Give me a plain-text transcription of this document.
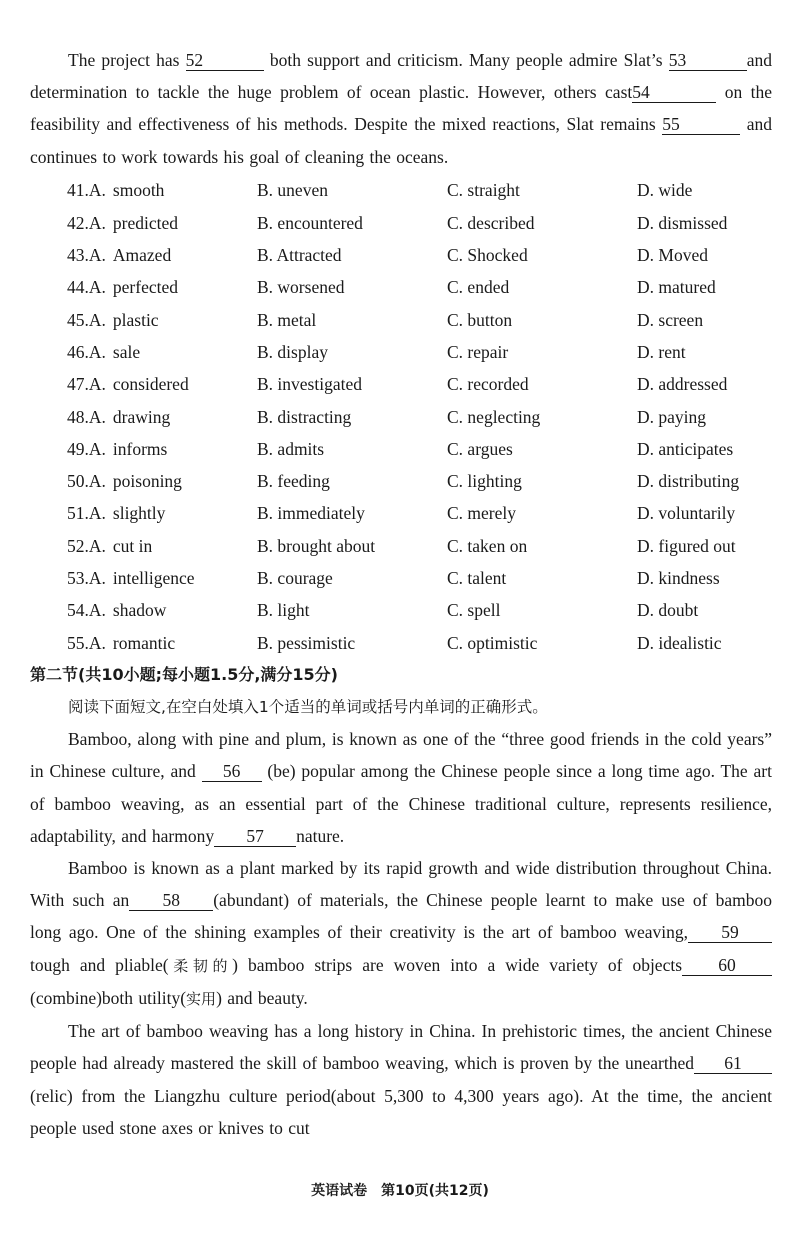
The project has 52	both support and criticism. Many people admire Slat’s 53	and determination to tackle the huge problem of ocean plastic. However, others cast54	on the feasibility and effectiveness of his methods. Despite the mixed reactions, Slat remains 55	and continues to work towards his goal of cleaning the oceans.

41.A. smooth	B. uneven	C. straight	D. wide
42.A. predicted	B. encountered	C. described	D. dismissed
43.A. Amazed	B. Attracted	C. Shocked	D. Moved
44.A. perfected	B. worsened	C. ended	D. matured
45.A. plastic	B. metal	C. button	D. screen
46.A. sale	B. display	C. repair	D. rent
47.A. considered	B. investigated	C. recorded	D. addressed
48.A. drawing	B. distracting	C. neglecting	D. paying
49.A. informs	B. admits	C. argues	D. anticipates
50.A. poisoning	B. feeding	C. lighting	D. distributing
51.A. slightly	B. immediately	C. merely	D. voluntarily
52.A. cut in	B. brought about	C. taken on	D. figured out
53.A. intelligence	B. courage	C. talent	D. kindness
54.A. shadow	B. light	C. spell	D. doubt
55.A. romantic	B. pessimistic	C. optimistic	D. idealistic
第二节(共10小题;每小题1.5分,满分15分)
阅读下面短文,在空白处填入1个适当的单词或括号内单词的正确形式。

Bamboo, along with pine and plum, is known as one of the “three good friends in the cold years” in Chinese culture, and 56 (be) popular among the Chinese people since a long time ago. The art of bamboo weaving, as an essential part of the Chinese traditional culture, represents resilience, adaptability, and harmony 57 nature.

Bamboo is known as a plant marked by its rapid growth and wide distribution throughout China. With such an 58 (abundant) of materials, the Chinese people learnt to make use of bamboo long ago. One of the shining examples of their creativity is the art of bamboo weaving, 59 tough and pliable(柔韧的) bamboo strips are woven into a wide variety of objects 60(combine)both utility(实用) and beauty.

The art of bamboo weaving has a long history in China. In prehistoric times, the ancient Chinese people had already mastered the skill of bamboo weaving, which is proven by the unearthed 61(relic) from the Liangzhu culture period(about 5,300 to 4,300 years ago). At the time, the ancient people used stone axes or knives to cut

英语试卷　第10页(共12页)
